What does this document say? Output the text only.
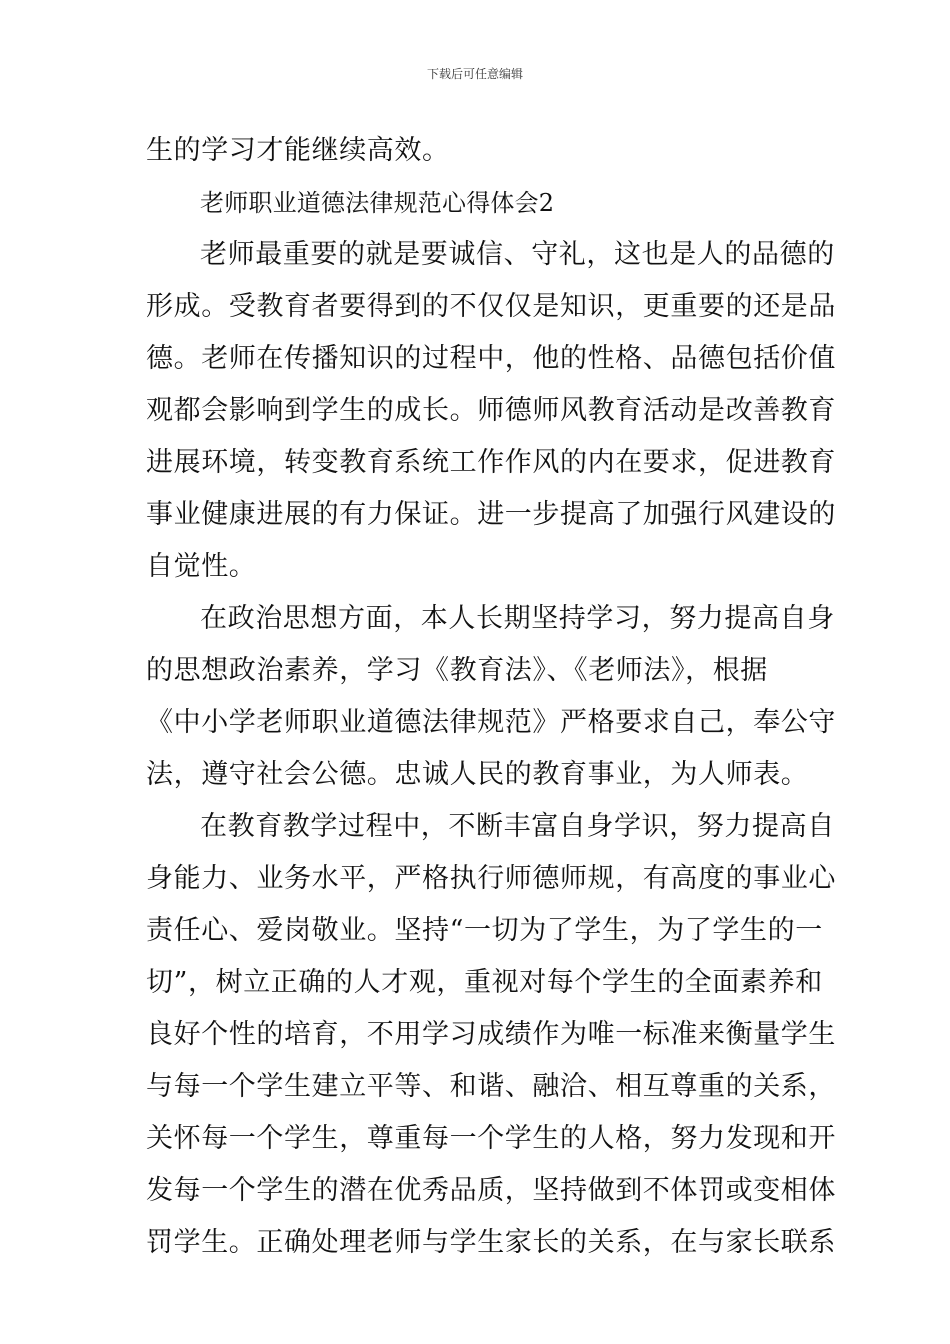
下载后可任意编辑
生的学习才能继续高效。
老师职业道德法律规范心得体会2
老师最重要的就是要诚信、守礼，这也是人的品德的
形成。受教育者要得到的不仅仅是知识，更重要的还是品
德。老师在传播知识的过程中，他的性格、品德包括价值
观都会影响到学生的成长。师德师风教育活动是改善教育
进展环境，转变教育系统工作作风的内在要求，促进教育
事业健康进展的有力保证。进一步提高了加强行风建设的
自觉性。
在政治思想方面，本人长期坚持学习，努力提高自身
的思想政治素养，学习《教育法》、《老师法》，根据
《中小学老师职业道德法律规范》严格要求自己，奉公守
法，遵守社会公德。忠诚人民的教育事业，为人师表。
在教育教学过程中，不断丰富自身学识，努力提高自
身能力、业务水平，严格执行师德师规，有高度的事业心
责任心、爱岗敬业。坚持“一切为了学生，为了学生的一
切”，树立正确的人才观，重视对每个学生的全面素养和
良好个性的培育，不用学习成绩作为唯一标准来衡量学生
与每一个学生建立平等、和谐、融洽、相互尊重的关系，
关怀每一个学生，尊重每一个学生的人格，努力发现和开
发每一个学生的潜在优秀品质，坚持做到不体罚或变相体
罚学生。正确处理老师与学生家长的关系，在与家长联系
